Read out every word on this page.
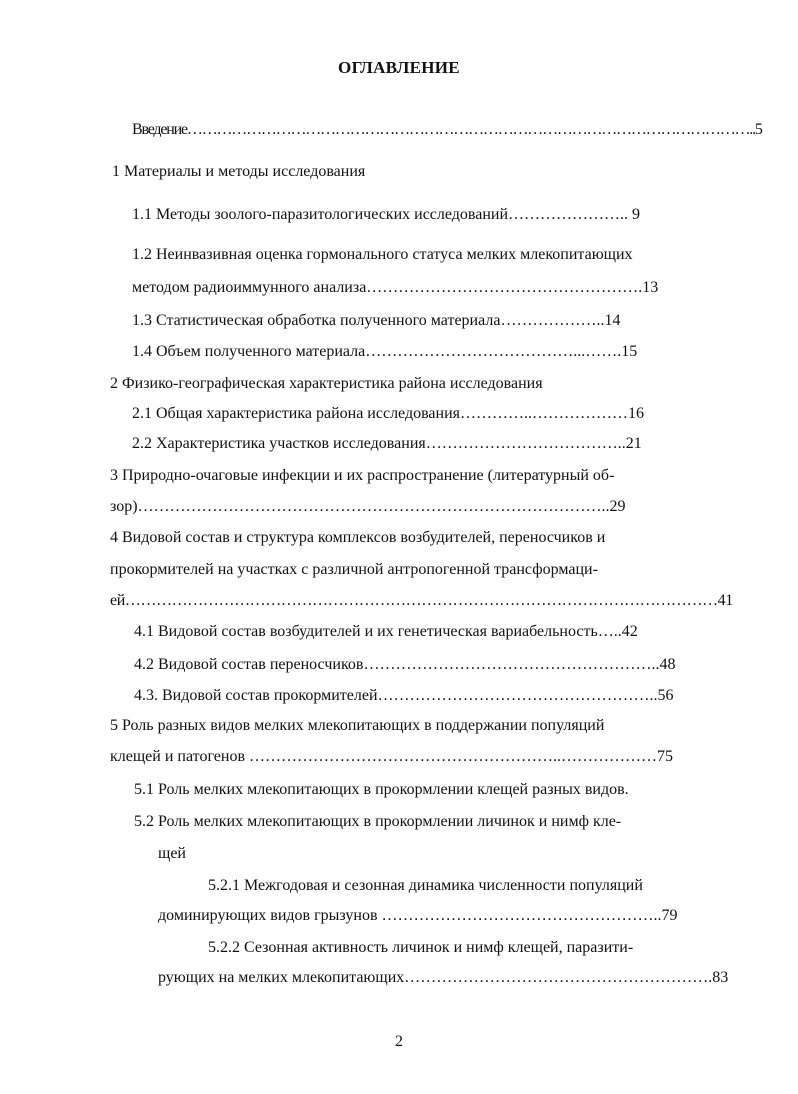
ОГЛАВЛЕНИЕ
Введение……………………………………………………………………………………………………..5
1 Материалы и методы исследования
1.1 Методы зоолого-паразитологических исследований………………….. 9
1.2 Неинвазивная оценка гормонального статуса мелких млекопитающих
методом радиоиммунного анализа…………………………………………….13
1.3 Статистическая обработка полученного материала………………..14
1.4 Объем полученного материала…………………………………...…….15
2 Физико-географическая характеристика района исследования
2.1 Общая характеристика района исследования…………..………………16
2.2 Характеристика участков исследования………………………………..21
3 Природно-очаговые инфекции и их распространение (литературный об-
зор)……………………………………………………………………………..29
4 Видовой состав и структура комплексов возбудителей, переносчиков и
прокормителей на участках с различной антропогенной трансформаци-
ей……………………………………………………………………………………………………41
4.1 Видовой состав возбудителей и их генетическая вариабельность…..42
4.2 Видовой состав переносчиков………………………………………………..48
4.3. Видовой состав прокормителей……………………………………………..56
5 Роль разных видов мелких млекопитающих в поддержании популяций
клещей и патогенов …………………………………………………..………………75
5.1 Роль мелких млекопитающих в прокормлении клещей разных видов.
5.2 Роль мелких млекопитающих в прокормлении личинок и нимф кле-
щей
5.2.1 Межгодовая и сезонная динамика численности популяций
доминирующих видов грызунов ……………………………………………..79
5.2.2 Сезонная активность личинок и нимф клещей, паразити-
рующих на мелких млекопитающих………………………………………………….83
2
